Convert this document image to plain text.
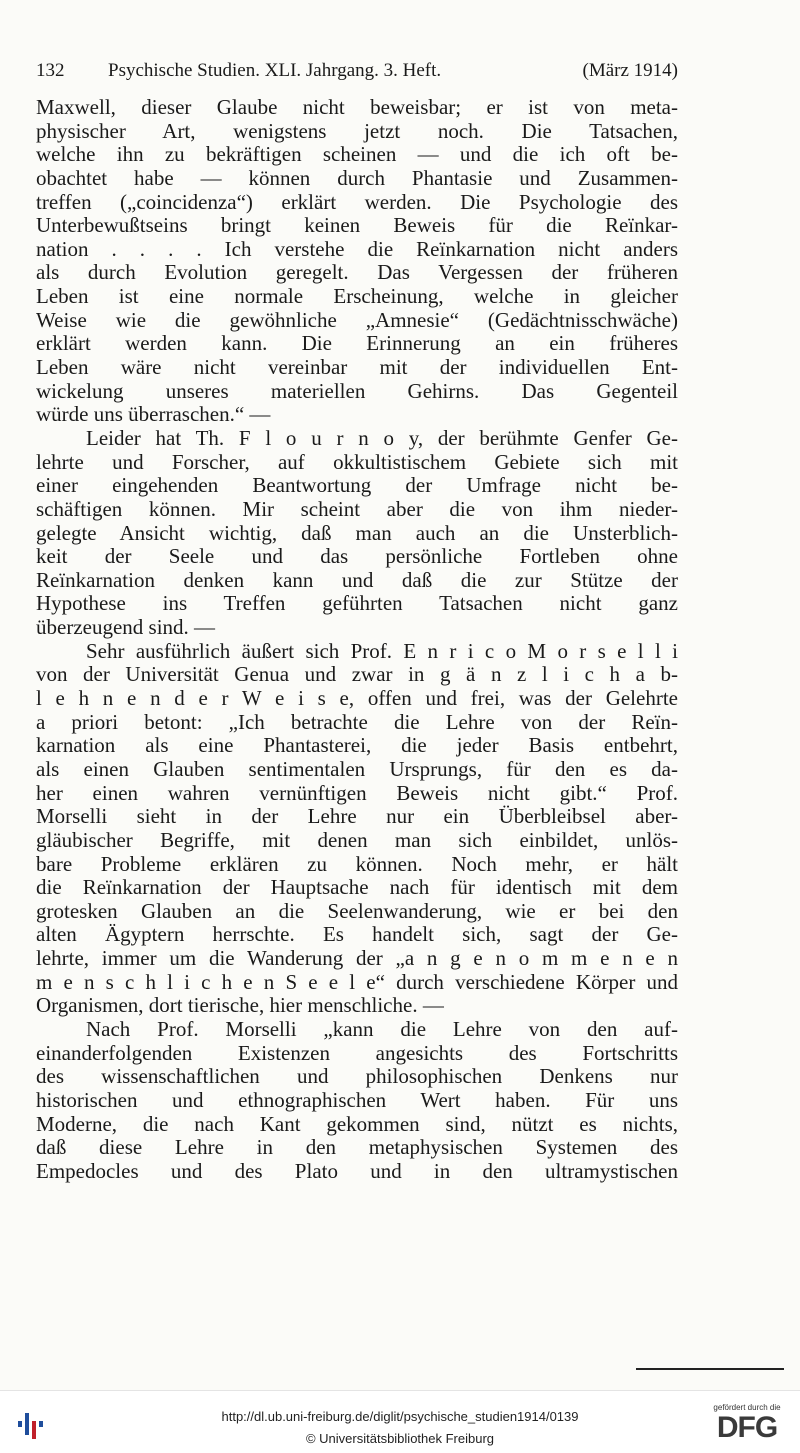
132 Psychische Studien. XLI. Jahrgang. 3. Heft.	(März 1914)
Maxwell, dieser Glaube nicht beweisbar; er ist von meta-
physischer Art, wenigstens jetzt noch. Die Tatsachen,
welche ihn zu bekräftigen scheinen — und die ich oft be-
obachtet habe — können durch Phantasie und Zusammen-
treffen („coincidenza“) erklärt werden. Die Psychologie des
Unterbewußtseins bringt keinen Beweis für die Reïnkar-
nation . . . . Ich verstehe die Reïnkarnation nicht anders
als durch Evolution geregelt. Das Vergessen der früheren
Leben ist eine normale Erscheinung, welche in gleicher
Weise wie die gewöhnliche „Amnesie“ (Gedächtnisschwäche)
erklärt werden kann. Die Erinnerung an ein früheres
Leben wäre nicht vereinbar mit der individuellen Ent-
wickelung unseres materiellen Gehirns. Das Gegenteil
würde uns überraschen.“ —
Leider hat Th. F l o u r n o y, der berühmte Genfer Ge-
lehrte und Forscher, auf okkultistischem Gebiete sich mit
einer eingehenden Beantwortung der Umfrage nicht be-
schäftigen können. Mir scheint aber die von ihm nieder-
gelegte Ansicht wichtig, daß man auch an die Unsterblich-
keit der Seele und das persönliche Fortleben ohne
Reïnkarnation denken kann und daß die zur Stütze der
Hypothese ins Treffen geführten Tatsachen nicht ganz
überzeugend sind. —
Sehr ausführlich äußert sich Prof. E n r i c o M o r s e l l i
von der Universität Genua und zwar in g ä n z l i c h a b-
l e h n e n d e r W e i s e, offen und frei, was der Gelehrte
a priori betont: „Ich betrachte die Lehre von der Reïn-
karnation als eine Phantasterei, die jeder Basis entbehrt,
als einen Glauben sentimentalen Ursprungs, für den es da-
her einen wahren vernünftigen Beweis nicht gibt.“ Prof.
Morselli sieht in der Lehre nur ein Überbleibsel aber-
gläubischer Begriffe, mit denen man sich einbildet, unlös-
bare Probleme erklären zu können. Noch mehr, er hält
die Reïnkarnation der Hauptsache nach für identisch mit dem
grotesken Glauben an die Seelenwanderung, wie er bei den
alten Ägyptern herrschte. Es handelt sich, sagt der Ge-
lehrte, immer um die Wanderung der „a n g e n o m m e n e n
m e n s c h l i c h e n S e e l e“ durch verschiedene Körper und
Organismen, dort tierische, hier menschliche. —
Nach Prof. Morselli „kann die Lehre von den auf-
einanderfolgenden Existenzen angesichts des Fortschritts
des wissenschaftlichen und philosophischen Denkens nur
historischen und ethnographischen Wert haben. Für uns
Moderne, die nach Kant gekommen sind, nützt es nichts,
daß diese Lehre in den metaphysischen Systemen des
Empedocles und des Plato und in den ultramystischen
http://dl.ub.uni-freiburg.de/diglit/psychische_studien1914/0139
© Universitätsbibliothek Freiburg
gefördert durch die
DFG
